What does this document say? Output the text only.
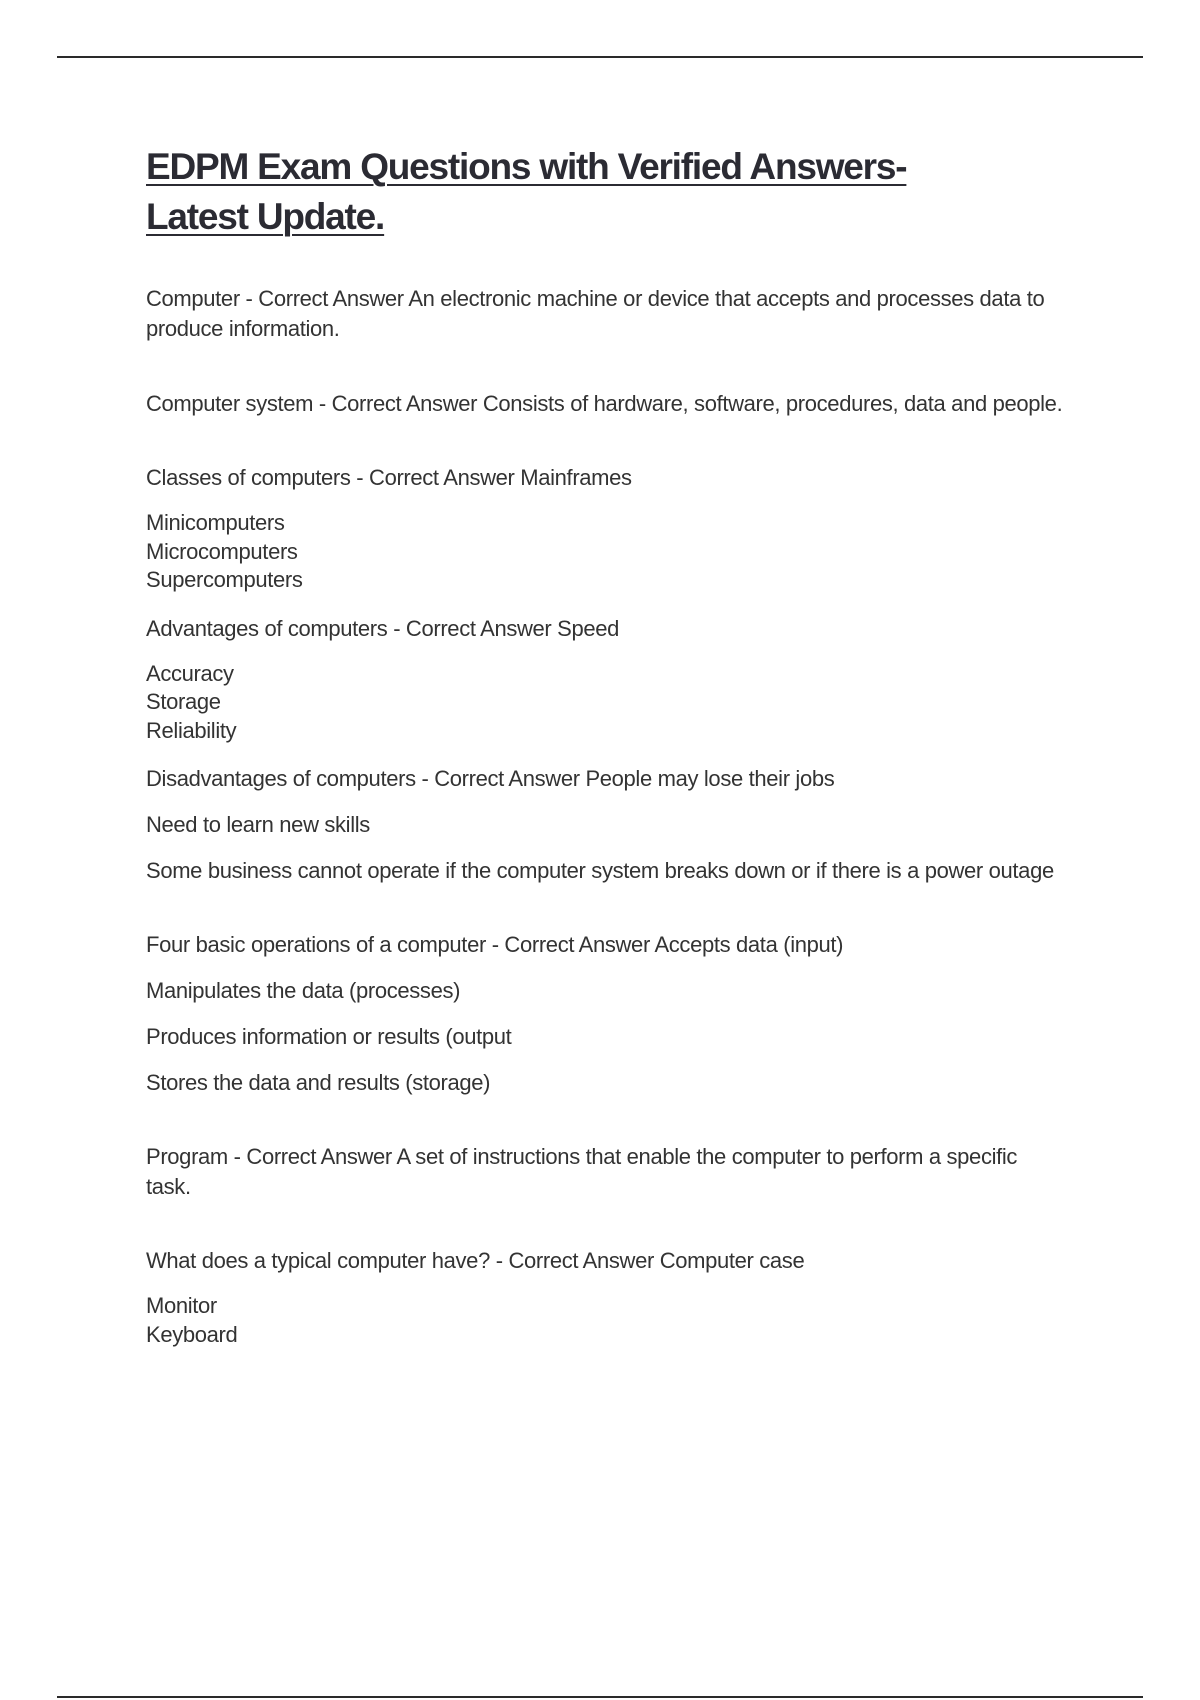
EDPM Exam Questions with Verified Answers-
Latest Update.

Computer - Correct Answer An electronic machine or device that accepts and processes data to produce information.

Computer system - Correct Answer Consists of hardware, software, procedures, data and people.

Classes of computers - Correct Answer Mainframes

Minicomputers
Microcomputers
Supercomputers

Advantages of computers - Correct Answer Speed

Accuracy
Storage
Reliability

Disadvantages of computers - Correct Answer People may lose their jobs

Need to learn new skills

Some business cannot operate if the computer system breaks down or if there is a power outage

Four basic operations of a computer - Correct Answer Accepts data (input)

Manipulates the data (processes)

Produces information or results (output

Stores the data and results (storage)

Program - Correct Answer A set of instructions that enable the computer to perform a specific task.

What does a typical computer have? - Correct Answer Computer case

Monitor
Keyboard
